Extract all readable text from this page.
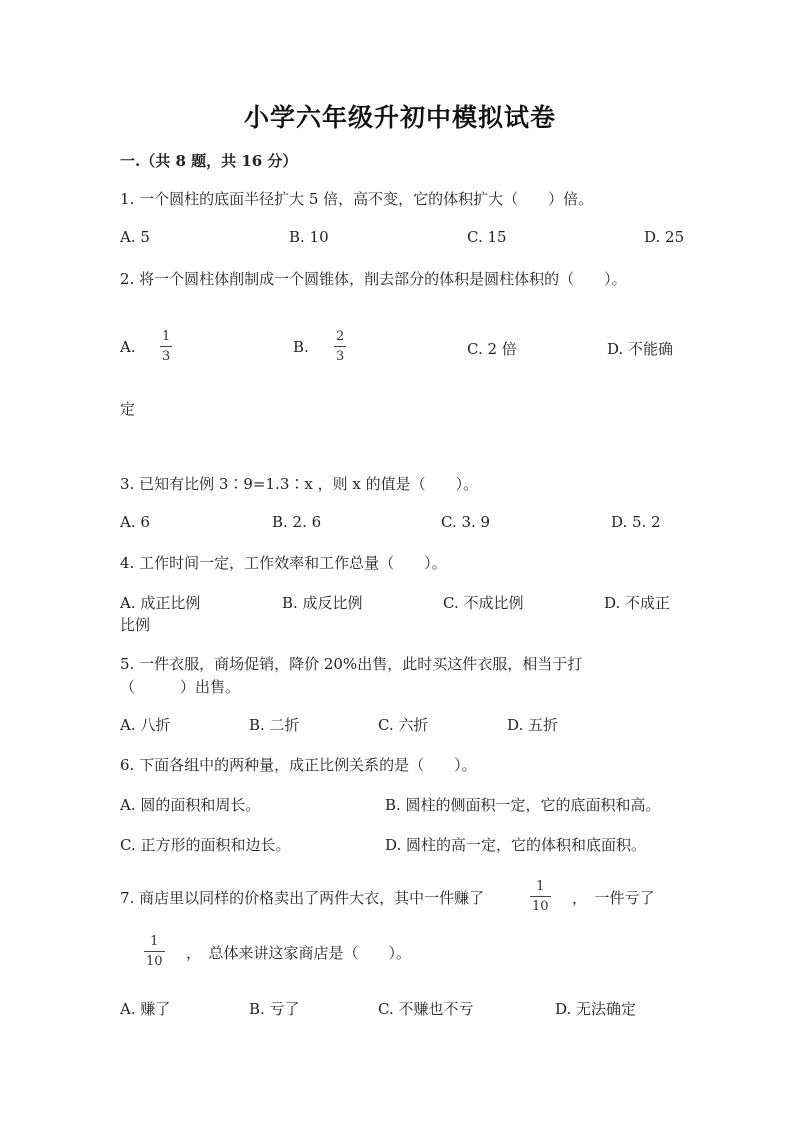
小学六年级升初中模拟试卷
一.（共 8 题，共 16 分）
1. 一个圆柱的底面半径扩大 5 倍，高不变，它的体积扩大（　　）倍。
A. 5	B. 10	C. 15	D. 25
2. 将一个圆柱体削制成一个圆锥体，削去部分的体积是圆柱体积的（　　）。
A.
1
3
B.
2
3	C. 2 倍	D. 不能确
定
3. 已知有比例 3∶9=1.3∶x ，则 x 的值是（　　）。
A. 6	B. 2. 6	C. 3. 9	D. 5. 2
4. 工作时间一定，工作效率和工作总量（　　）。
A. 成正比例	B. 成反比例	C. 不成比例	D. 不成正
比例
5. 一件衣服，商场促销，降价 20%出售，此时买这件衣服，相当于打
（　　　）出售。
A. 八折	B. 二折	C. 六折	D. 五折
6. 下面各组中的两种量，成正比例关系的是（　　）。
A. 圆的面积和周长。	B. 圆柱的侧面积一定，它的底面积和高。
C. 正方形的面积和边长。	D. 圆柱的高一定，它的体积和底面积。
7. 商店里以同样的价格卖出了两件大衣，其中一件赚了
1
10 ，　一件亏了
1
10 ，　总体来讲这家商店是（　　）。
A. 赚了	B. 亏了	C. 不赚也不亏	D. 无法确定
